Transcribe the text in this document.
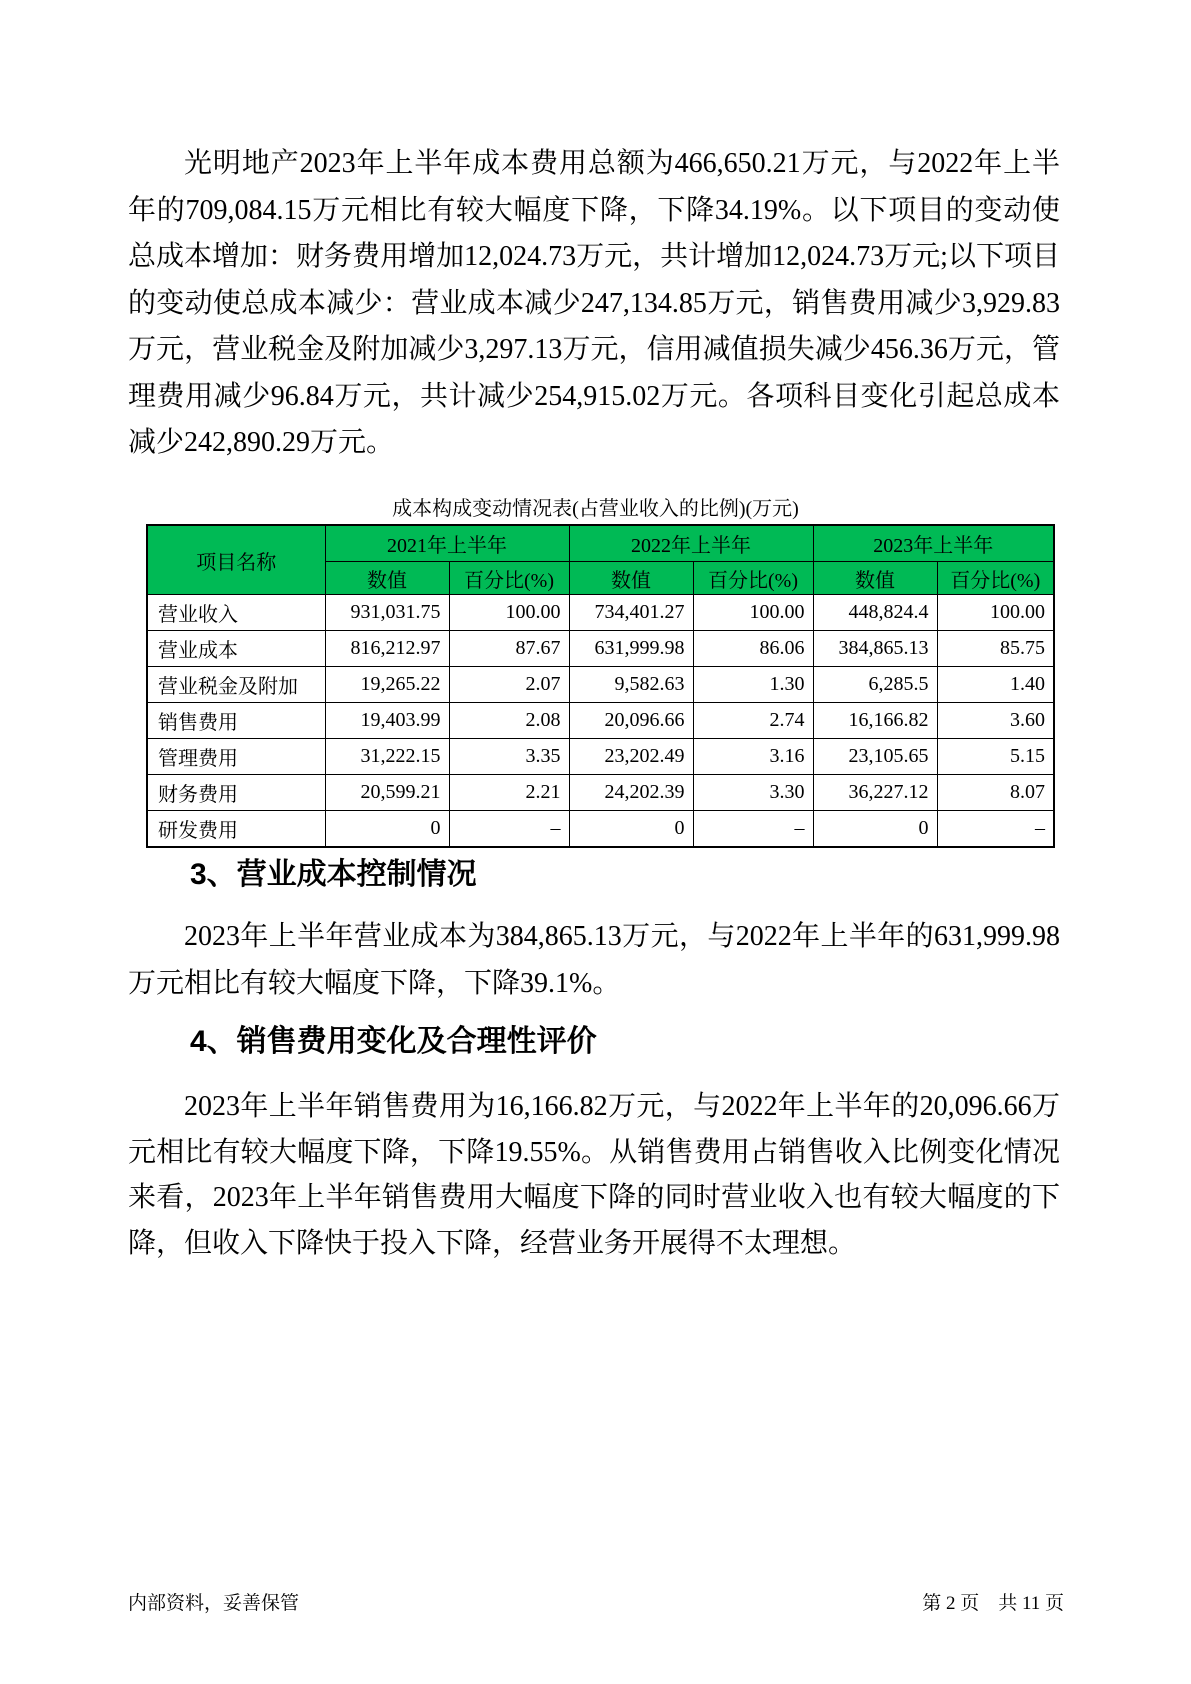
光明地产2023年上半年成本费用总额为466,650.21万元，与2022年上半年的709,084.15万元相比有较大幅度下降，下降34.19%。以下项目的变动使总成本增加：财务费用增加12,024.73万元，共计增加12,024.73万元;以下项目的变动使总成本减少：营业成本减少247,134.85万元，销售费用减少3,929.83万元，营业税金及附加减少3,297.13万元，信用减值损失减少456.36万元，管理费用减少96.84万元，共计减少254,915.02万元。各项科目变化引起总成本减少242,890.29万元。

成本构成变动情况表(占营业收入的比例)(万元)
项目名称	2021年上半年		2022年上半年		2023年上半年	
	数值	百分比(%)	数值	百分比(%)	数值	百分比(%)
营业收入	931,031.75	100.00	734,401.27	100.00	448,824.4	100.00
营业成本	816,212.97	87.67	631,999.98	86.06	384,865.13	85.75
营业税金及附加	19,265.22	2.07	9,582.63	1.30	6,285.5	1.40
销售费用	19,403.99	2.08	20,096.66	2.74	16,166.82	3.60
管理费用	31,222.15	3.35	23,202.49	3.16	23,105.65	5.15
财务费用	20,599.21	2.21	24,202.39	3.30	36,227.12	8.07
研发费用	0	–	0	–	0	–
3、营业成本控制情况

2023年上半年营业成本为384,865.13万元，与2022年上半年的631,999.98万元相比有较大幅度下降，下降39.1%。

4、销售费用变化及合理性评价

2023年上半年销售费用为16,166.82万元，与2022年上半年的20,096.66万元相比有较大幅度下降，下降19.55%。从销售费用占销售收入比例变化情况来看，2023年上半年销售费用大幅度下降的同时营业收入也有较大幅度的下降，但收入下降快于投入下降，经营业务开展得不太理想。

内部资料，妥善保管	第 2 页　共 11 页
